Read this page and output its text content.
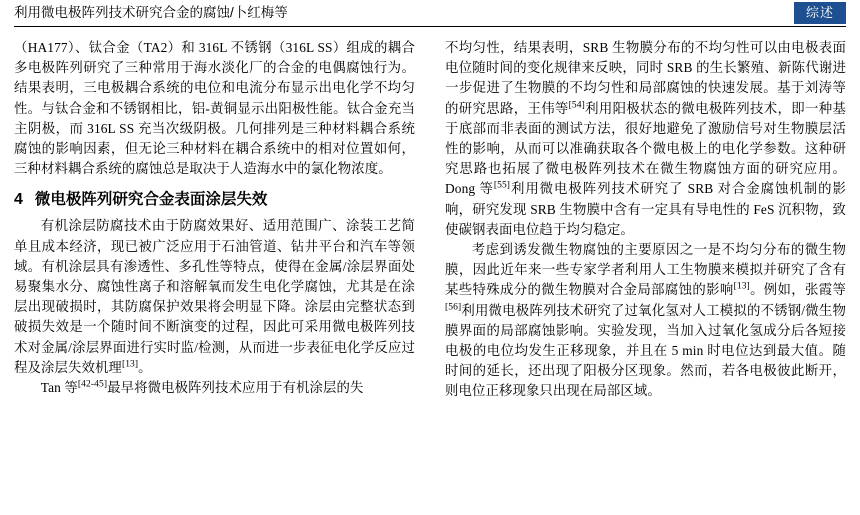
利用微电极阵列技术研究合金的腐蚀/卜红梅等	综述

（HA177）、钛合金（TA2）和 316L 不锈钢（316L SS）组成的耦合多电极阵列研究了三种常用于海水淡化厂的合金的电偶腐蚀行为。结果表明，三电极耦合系统的电位和电流分布显示出电化学不均匀性。与钛合金和不锈钢相比，铝-黄铜显示出阳极性能。钛合金充当主阴极，而 316L SS 充当次级阴极。几何排列是三种材料耦合系统腐蚀的影响因素，但无论三种材料在耦合系统中的相对位置如何，三种材料耦合系统的腐蚀总是取决于人造海水中的氯化物浓度。

4 微电极阵列研究合金表面涂层失效

有机涂层防腐技术由于防腐效果好、适用范围广、涂装工艺简单且成本经济，现已被广泛应用于石油管道、钻井平台和汽车等领域。有机涂层具有渗透性、多孔性等特点，使得在金属/涂层界面处易聚集水分、腐蚀性离子和溶解氧而发生电化学腐蚀，尤其是在涂层出现破损时，其防腐保护效果将会明显下降。涂层由完整状态到破损失效是一个随时间不断演变的过程，因此可采用微电极阵列技术对金属/涂层界面进行实时监/检测，从而进一步表征电化学反应过程及涂层失效机理[13]。

Tan 等[42-45]最早将微电极阵列技术应用于有机涂层的失

不均匀性，结果表明，SRB 生物膜分布的不均匀性可以由电极表面电位随时间的变化规律来反映，同时 SRB 的生长繁殖、新陈代谢进一步促进了生物膜的不均匀性和局部腐蚀的快速发展。基于刘涛等的研究思路，王伟等[54]利用阳极状态的微电极阵列技术，即一种基于底部而非表面的测试方法，很好地避免了激励信号对生物膜层活性的影响，从而可以准确获取各个微电极上的电化学参数。这种研究思路也拓展了微电极阵列技术在微生物腐蚀方面的研究应用。Dong 等[55]利用微电极阵列技术研究了 SRB 对合金腐蚀机制的影响，研究发现 SRB 生物膜中含有一定具有导电性的 FeS 沉积物，致使碳钢表面电位趋于均匀稳定。

考虑到诱发微生物腐蚀的主要原因之一是不均匀分布的微生物膜，因此近年来一些专家学者利用人工生物膜来模拟并研究了含有某些特殊成分的微生物膜对合金局部腐蚀的影响[13]。例如，张霞等[56]利用微电极阵列技术研究了过氧化氢对人工模拟的不锈钢/微生物膜界面的局部腐蚀影响。实验发现，当加入过氧化氢成分后各短接电极的电位均发生正移现象，并且在 5 min 时电位达到最大值。随时间的延长，还出现了阳极分区现象。然而，若各电极彼此断开，则电位正移现象只出现在局部区域。
